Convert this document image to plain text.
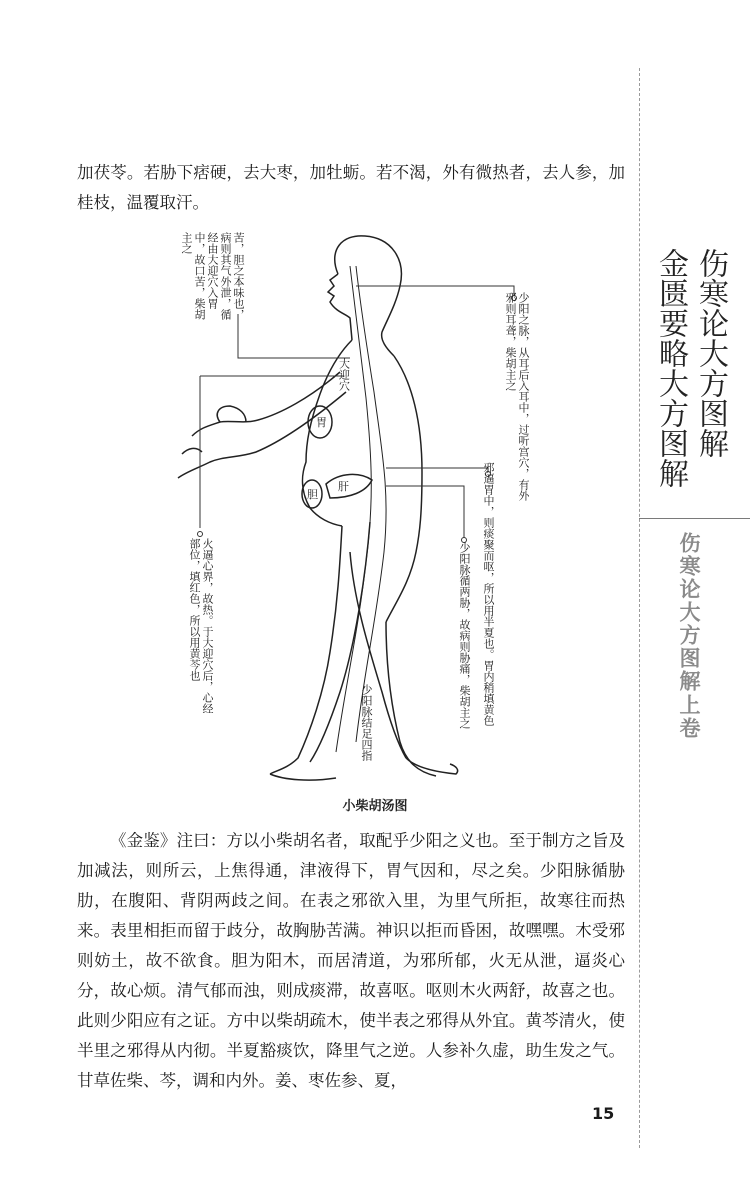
伤寒论大方图解
金匮要略大方图解
伤寒论大方图解
上卷
加茯苓。若胁下痞硬，去大枣，加牡蛎。若不渴，外有微热者，去人参，加桂枝，温覆取汗。
大迎穴
胃
胆
肝
苦，胆之本味也，病则其气外泄，循经由大迎穴入胃中，故口苦，柴胡主之
少阳之脉，从耳后入耳中，过听宫穴，有外邪则耳聋，柴胡主之
邪逼胃中，则痰聚而呕，所以用半夏也。胃内稍填黄色
少阳脉循两胁，故病则胁痛，柴胡主之
火逼心界，故热。于大迎穴后，心经部位，填红色，所以用黄芩也
少阳脉结足四指
小柴胡汤图
《金鉴》注曰：方以小柴胡名者，取配乎少阳之义也。至于制方之旨及加减法，则所云，上焦得通，津液得下，胃气因和，尽之矣。少阳脉循胁肋，在腹阳、背阴两歧之间。在表之邪欲入里，为里气所拒，故寒往而热来。表里相拒而留于歧分，故胸胁苦满。神识以拒而昏困，故嘿嘿。木受邪则妨土，故不欲食。胆为阳木，而居清道，为邪所郁，火无从泄，逼炎心分，故心烦。清气郁而浊，则成痰滞，故喜呕。呕则木火两舒，故喜之也。此则少阳应有之证。方中以柴胡疏木，使半表之邪得从外宜。黄芩清火，使半里之邪得从内彻。半夏豁痰饮，降里气之逆。人参补久虚，助生发之气。甘草佐柴、芩，调和内外。姜、枣佐参、夏，
15
